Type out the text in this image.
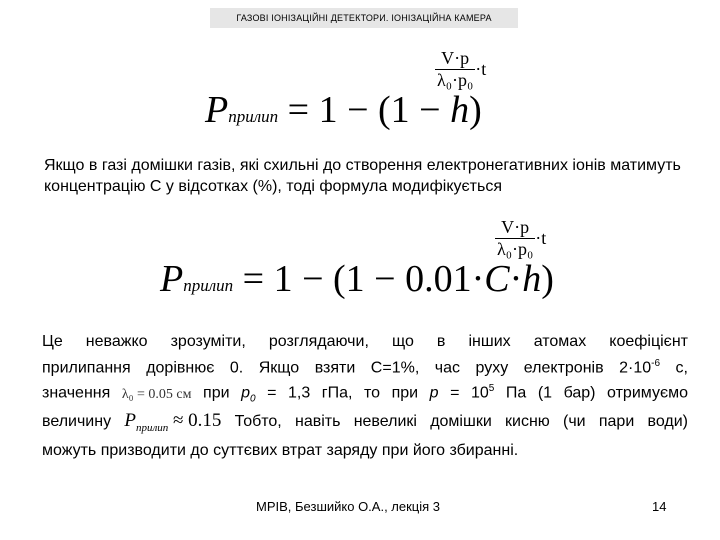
ГАЗОВІ ІОНІЗАЦІЙНІ ДЕТЕКТОРИ. ІОНІЗАЦІЙНА КАМЕРА
$\frac{V\cdot p}{\text{λ₀·p₀}} \cdot t$
Pприлип = 1 − (1 − h)
Якщо в газі домішки газів, які схильні до створення електронегативних іонів матимуть концентрацію С у відсотках (%), тоді формула модифікується
$\frac{V\cdot p}{\text{λ₀·p₀}} \cdot t$
Pприлип = 1 − (1 − 0.01·C·h)
Це неважко зрозуміти, розглядаючи, що в інших атомах коефіцієнт
прилипання дорівнює 0. Якщо взяти С=1%, час руху електронів $2\cdot 10^{-6}$ с,
значення λ₀ = 0.05 см при $p_0 = 1,3$ гПа, то при $p = 10^5$ Па (1 бар) отримуємо
величину $P_{прилип} \approx 0.15$ Тобто, навіть невеликі домішки кисню (чи пари води)
можуть призводити до суттєвих втрат заряду при його збиранні.
МРІВ, Безшийко О.А., лекція 3	14
